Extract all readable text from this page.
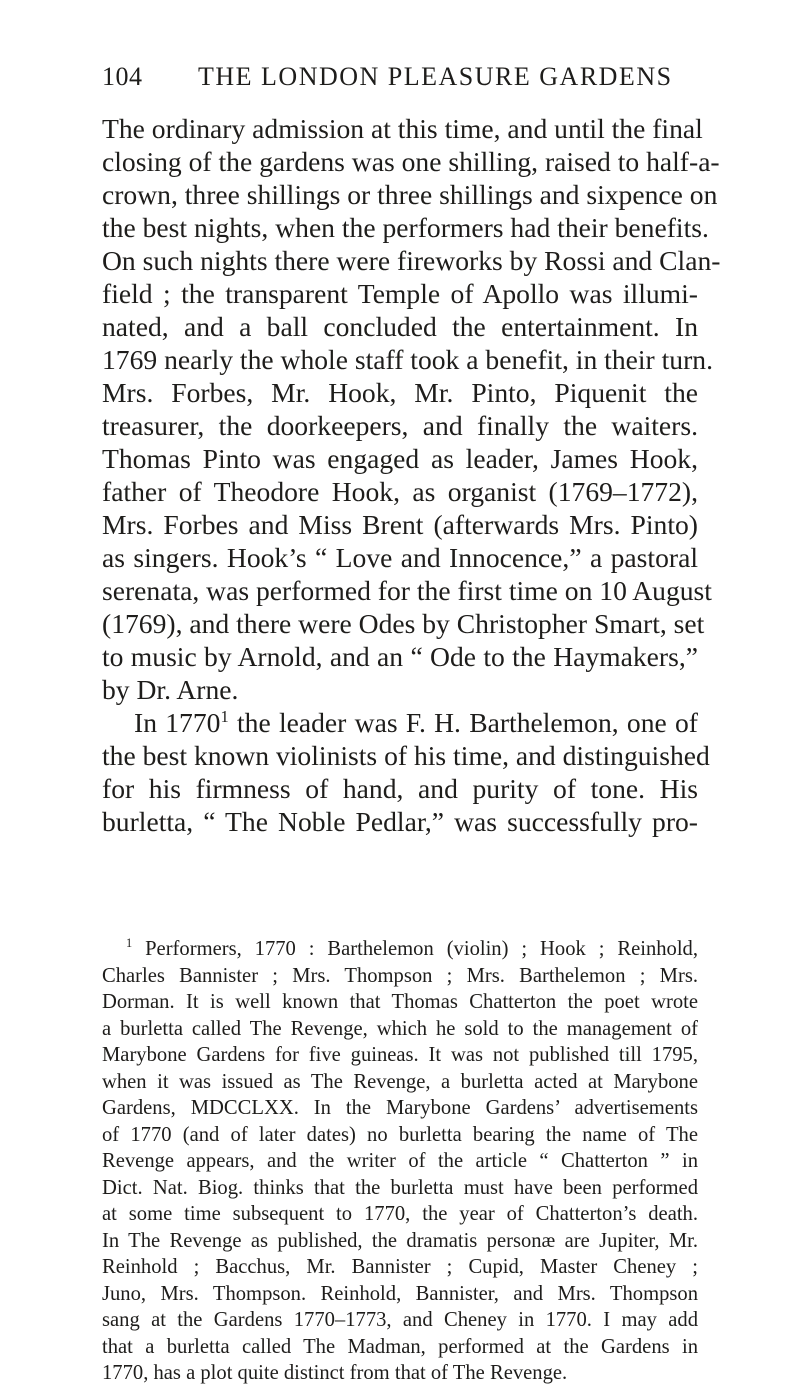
104 THE LONDON PLEASURE GARDENS
The ordinary admission at this time, and until the final
closing of the gardens was one shilling, raised to half-a-
crown, three shillings or three shillings and sixpence on
the best nights, when the performers had their benefits.
On such nights there were fireworks by Rossi and Clan-
field ; the transparent Temple of Apollo was illumi-
nated, and a ball concluded the entertainment. In
1769 nearly the whole staff took a benefit, in their turn.
Mrs. Forbes, Mr. Hook, Mr. Pinto, Piquenit the
treasurer, the doorkeepers, and finally the waiters.
Thomas Pinto was engaged as leader, James Hook,
father of Theodore Hook, as organist (1769–1772),
Mrs. Forbes and Miss Brent (afterwards Mrs. Pinto)
as singers. Hook’s “ Love and Innocence,” a pastoral
serenata, was performed for the first time on 10 August
(1769), and there were Odes by Christopher Smart, set
to music by Arnold, and an “ Ode to the Haymakers,”
by Dr. Arne.
In 1770$^1$ the leader was F. H. Barthelemon, one of
the best known violinists of his time, and distinguished
for his firmness of hand, and purity of tone. His
burletta, “ The Noble Pedlar,” was successfully pro-
$^1$ Performers, 1770 : Barthelemon (violin) ; Hook ; Reinhold,
Charles Bannister ; Mrs. Thompson ; Mrs. Barthelemon ; Mrs.
Dorman. It is well known that Thomas Chatterton the poet wrote
a burletta called The Revenge, which he sold to the management of
Marybone Gardens for five guineas. It was not published till 1795,
when it was issued as The Revenge, a burletta acted at Marybone
Gardens, MDCCLXX. In the Marybone Gardens’ advertisements
of 1770 (and of later dates) no burletta bearing the name of The
Revenge appears, and the writer of the article “ Chatterton ” in
Dict. Nat. Biog. thinks that the burletta must have been performed
at some time subsequent to 1770, the year of Chatterton’s death.
In The Revenge as published, the dramatis personæ are Jupiter, Mr.
Reinhold ; Bacchus, Mr. Bannister ; Cupid, Master Cheney ;
Juno, Mrs. Thompson. Reinhold, Bannister, and Mrs. Thompson
sang at the Gardens 1770–1773, and Cheney in 1770. I may add
that a burletta called The Madman, performed at the Gardens in
1770, has a plot quite distinct from that of The Revenge.
